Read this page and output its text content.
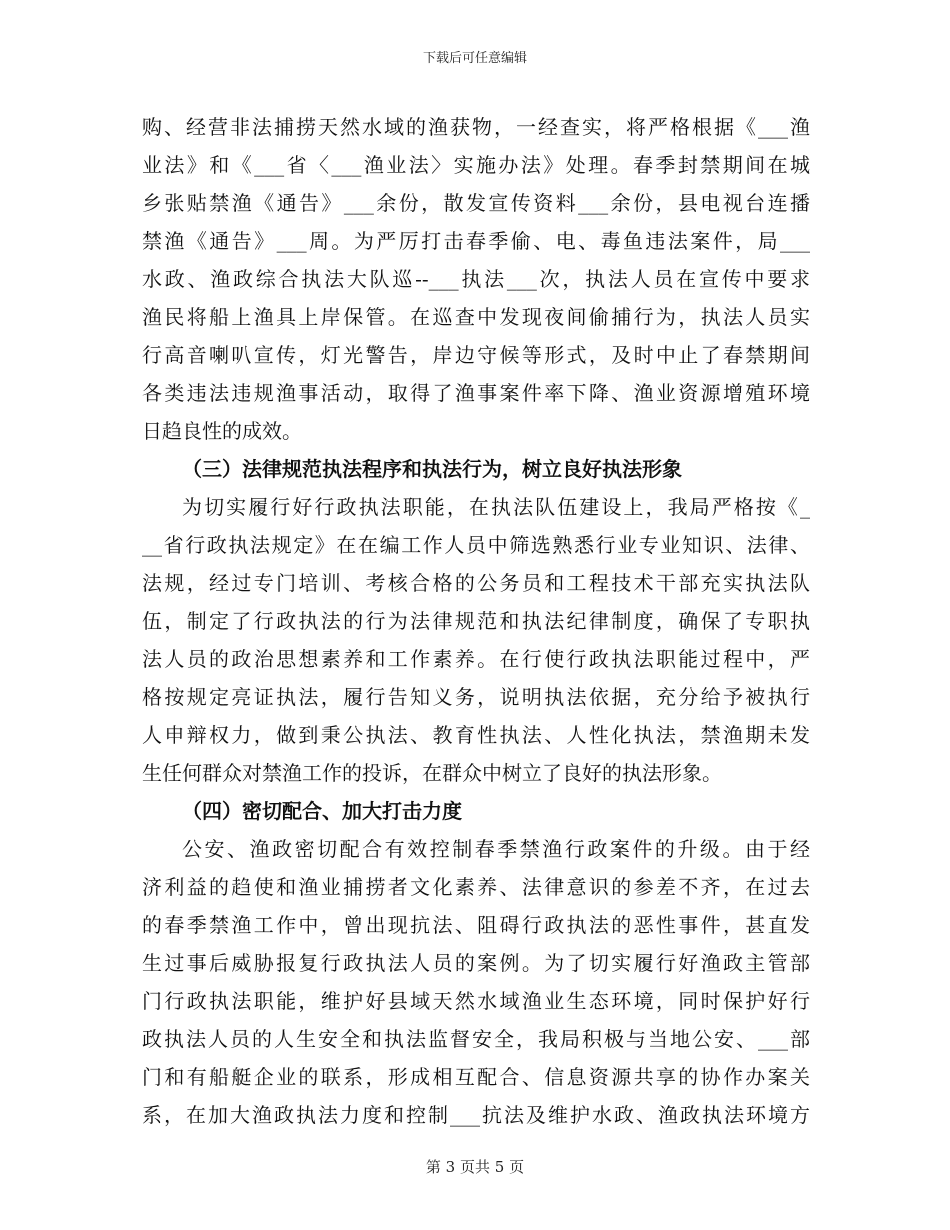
下载后可任意编辑
购、经营非法捕捞天然水域的渔获物，一经查实，将严格根据《___渔
业法》和《___省〈___渔业法〉实施办法》处理。春季封禁期间在城
乡张贴禁渔《通告》___余份，散发宣传资料___余份，县电视台连播
禁渔《通告》___周。为严厉打击春季偷、电、毒鱼违法案件，局___
水政、渔政综合执法大队巡--___执法___次，执法人员在宣传中要求
渔民将船上渔具上岸保管。在巡查中发现夜间偷捕行为，执法人员实
行高音喇叭宣传，灯光警告，岸边守候等形式，及时中止了春禁期间
各类违法违规渔事活动，取得了渔事案件率下降、渔业资源增殖环境
日趋良性的成效。
（三）法律规范执法程序和执法行为，树立良好执法形象
为切实履行好行政执法职能，在执法队伍建设上，我局严格按《_
__省行政执法规定》在在编工作人员中筛选熟悉行业专业知识、法律、
法规，经过专门培训、考核合格的公务员和工程技术干部充实执法队
伍，制定了行政执法的行为法律规范和执法纪律制度，确保了专职执
法人员的政治思想素养和工作素养。在行使行政执法职能过程中，严
格按规定亮证执法，履行告知义务，说明执法依据，充分给予被执行
人申辩权力，做到秉公执法、教育性执法、人性化执法，禁渔期未发
生任何群众对禁渔工作的投诉，在群众中树立了良好的执法形象。
（四）密切配合、加大打击力度
公安、渔政密切配合有效控制春季禁渔行政案件的升级。由于经
济利益的趋使和渔业捕捞者文化素养、法律意识的参差不齐，在过去
的春季禁渔工作中，曾出现抗法、阻碍行政执法的恶性事件，甚直发
生过事后威胁报复行政执法人员的案例。为了切实履行好渔政主管部
门行政执法职能，维护好县域天然水域渔业生态环境，同时保护好行
政执法人员的人生安全和执法监督安全，我局积极与当地公安、___部
门和有船艇企业的联系，形成相互配合、信息资源共享的协作办案关
系，在加大渔政执法力度和控制___抗法及维护水政、渔政执法环境方
第 3 页共 5 页
